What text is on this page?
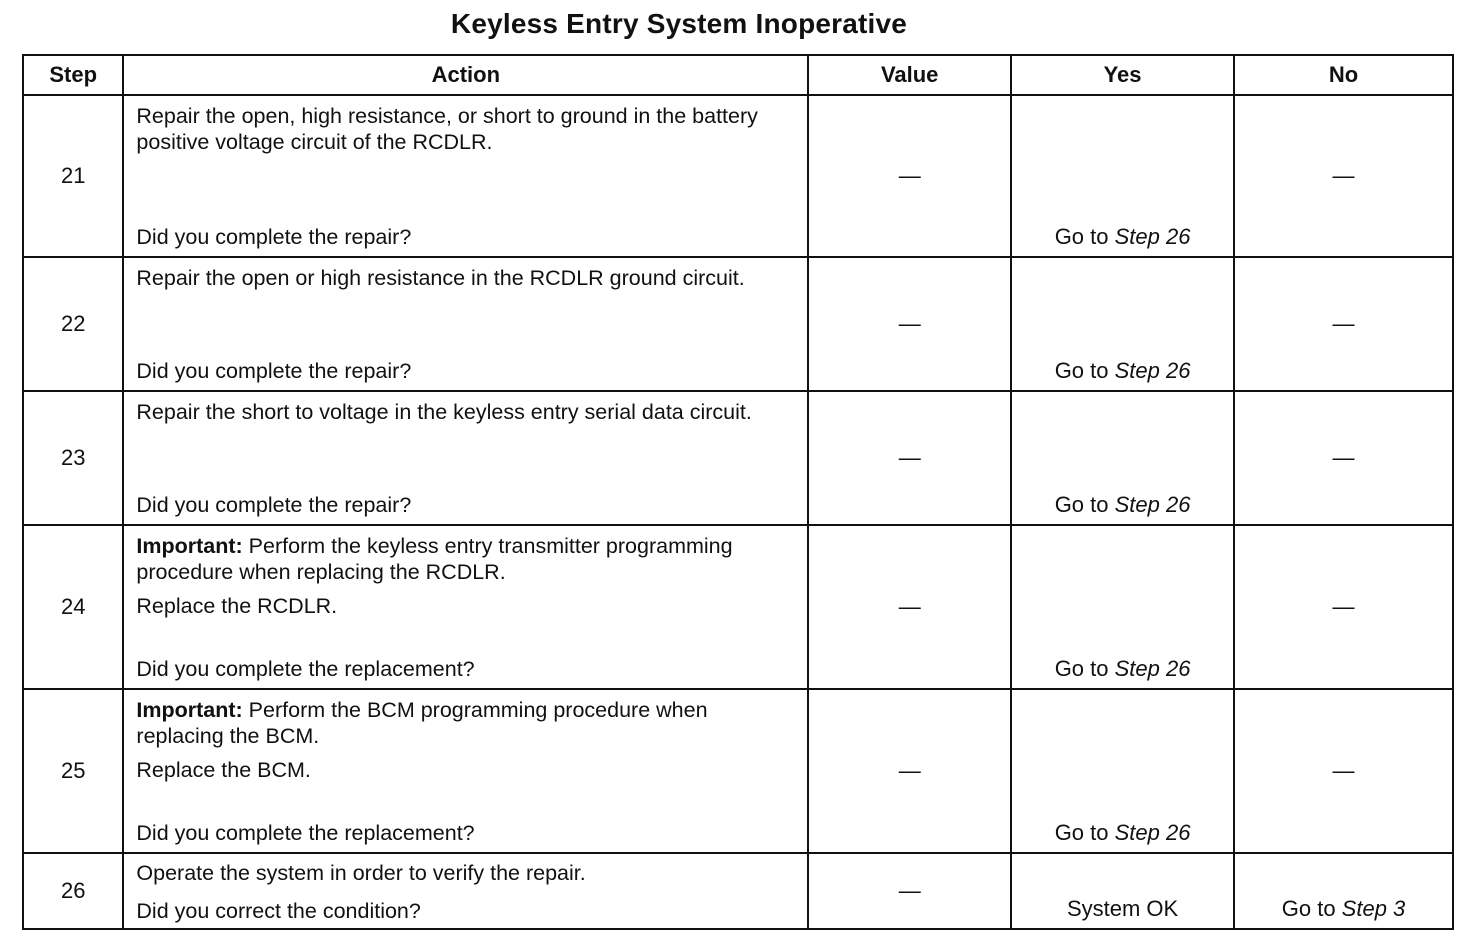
Keyless Entry System Inoperative
Step	Action	Value	Yes	No
21	Repair the open, high resistance, or short to ground in the battery positive voltage circuit of the RCDLR.
Did you complete the repair?	—	Go to Step 26	—
22	Repair the open or high resistance in the RCDLR ground circuit.
Did you complete the repair?	—	Go to Step 26	—
23	Repair the short to voltage in the keyless entry serial data circuit.
Did you complete the repair?	—	Go to Step 26	—
24	Important: Perform the keyless entry transmitter programming procedure when replacing the RCDLR.
Replace the RCDLR.
Did you complete the replacement?	—	Go to Step 26	—
25	Important: Perform the BCM programming procedure when replacing the BCM.
Replace the BCM.
Did you complete the replacement?	—	Go to Step 26	—
26	Operate the system in order to verify the repair.
Did you correct the condition?	—	System OK	Go to Step 3
